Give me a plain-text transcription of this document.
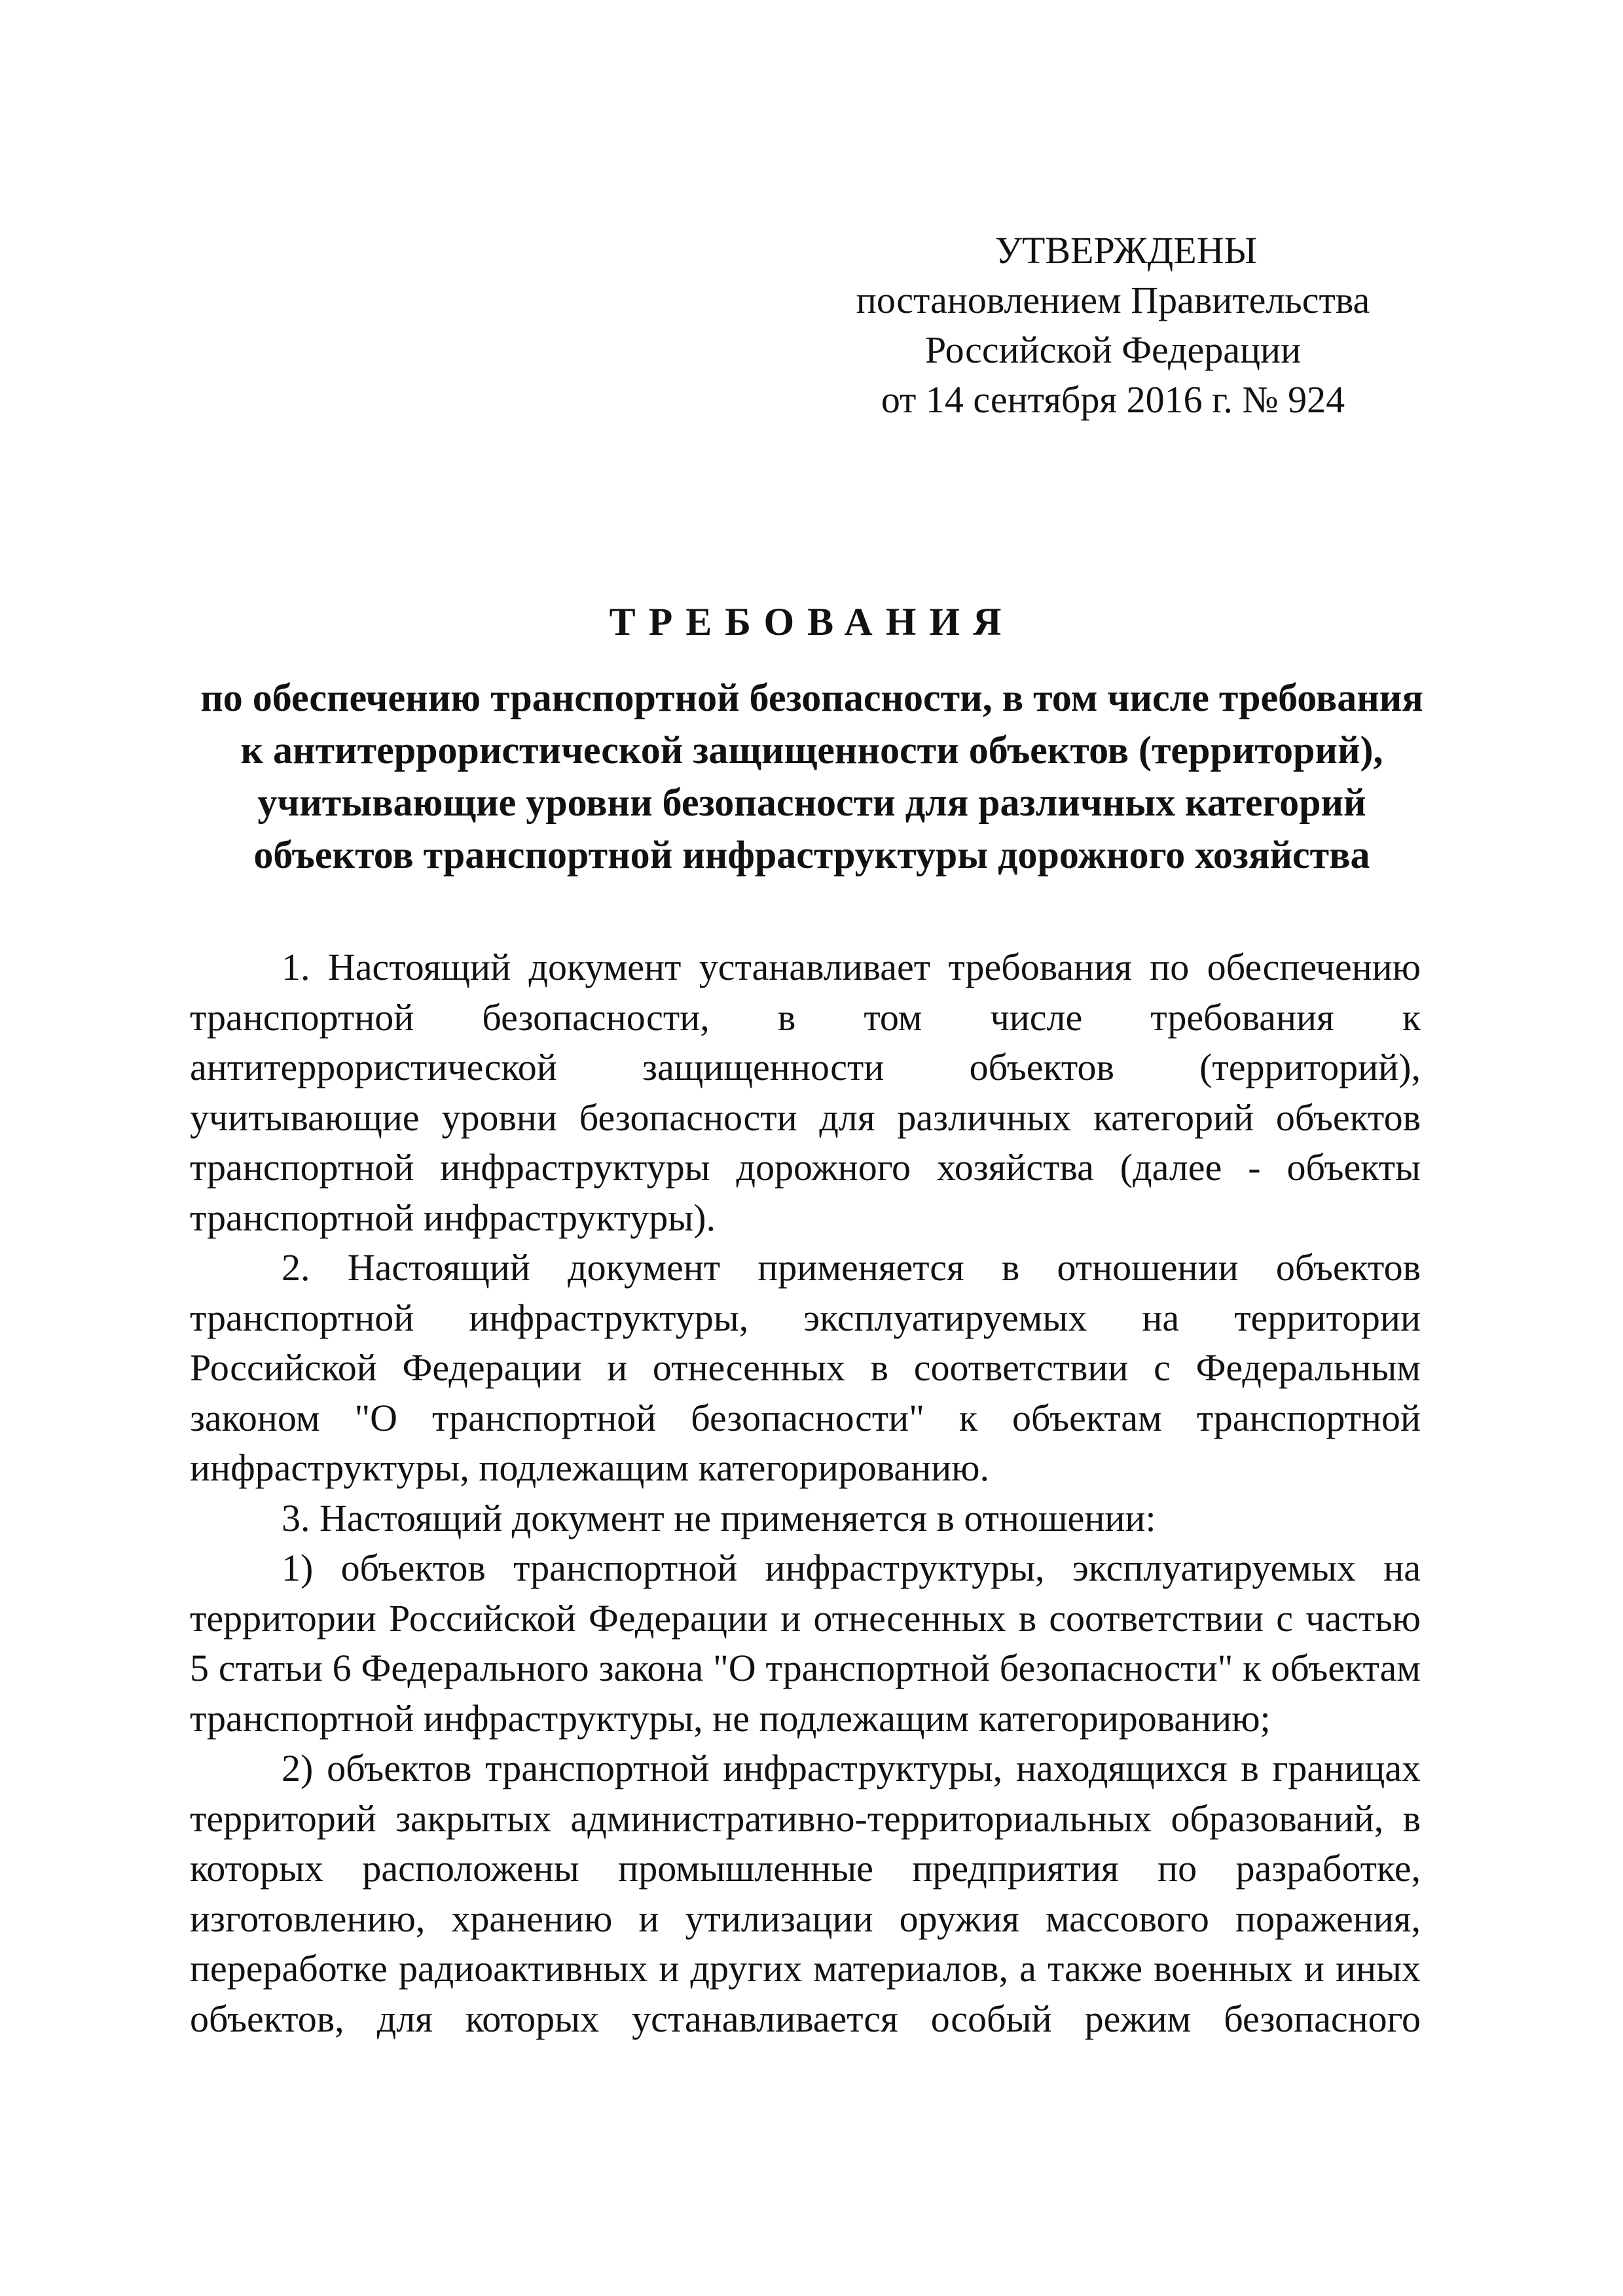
УТВЕРЖДЕНЫ
постановлением Правительства
Российской Федерации
от 14 сентября 2016 г. № 924
ТРЕБОВАНИЯ
по обеспечению транспортной безопасности, в том числе требования
к антитеррористической защищенности объектов (территорий),
учитывающие уровни безопасности для различных категорий
объектов транспортной инфраструктуры дорожного хозяйства

1. Настоящий документ устанавливает требования по обеспечению транспортной безопасности, в том числе требования к антитеррористической защищенности объектов (территорий), учитывающие уровни безопасности для различных категорий объектов транспортной инфраструктуры дорожного хозяйства (далее - объекты транспортной инфраструктуры).

2. Настоящий документ применяется в отношении объектов транспортной инфраструктуры, эксплуатируемых на территории Российской Федерации и отнесенных в соответствии с Федеральным законом "О транспортной безопасности" к объектам транспортной инфраструктуры, подлежащим категорированию.

3. Настоящий документ не применяется в отношении:

1) объектов транспортной инфраструктуры, эксплуатируемых на территории Российской Федерации и отнесенных в соответствии с частью 5 статьи 6 Федерального закона "О транспортной безопасности" к объектам транспортной инфраструктуры, не подлежащим категорированию;

2) объектов транспортной инфраструктуры, находящихся в границах территорий закрытых административно-территориальных образований, в которых расположены промышленные предприятия по разработке, изготовлению, хранению и утилизации оружия массового поражения, переработке радиоактивных и других материалов, а также военных и иных объектов, для которых устанавливается особый режим безопасного
